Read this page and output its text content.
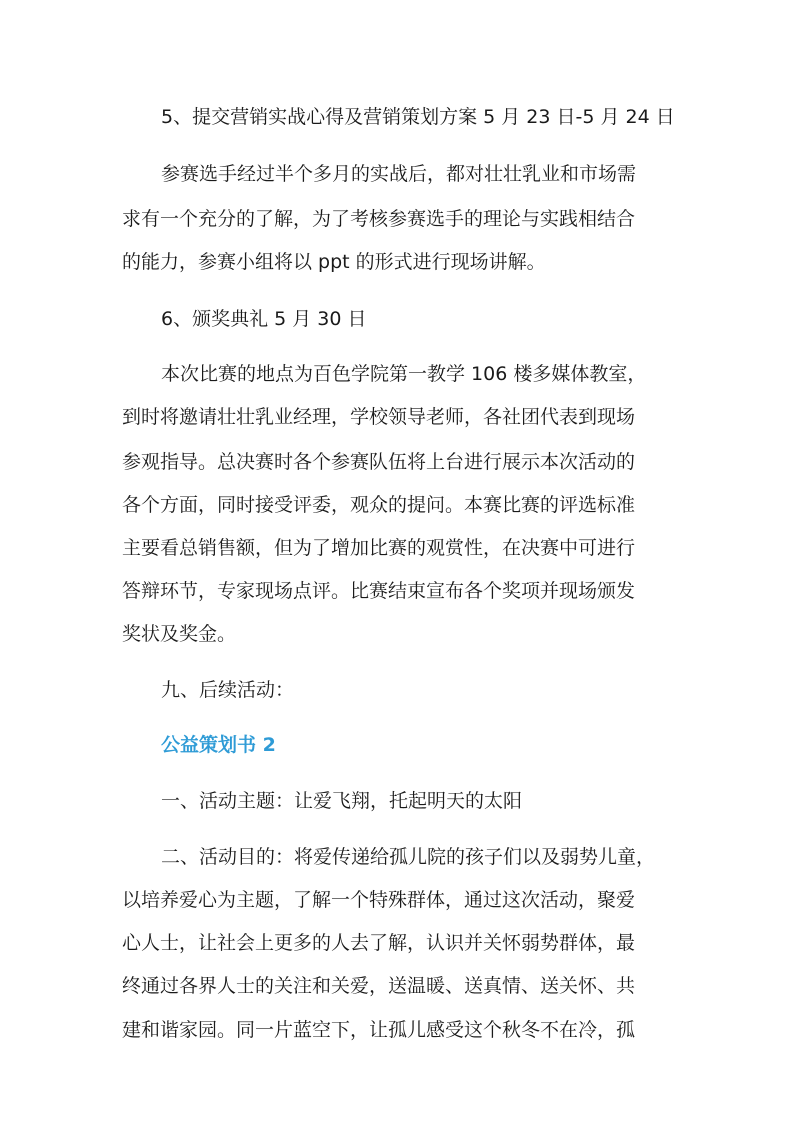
5、提交营销实战心得及营销策划方案 5 月 23 日-5 月 24 日
参赛选手经过半个多月的实战后，都对壮壮乳业和市场需
求有一个充分的了解，为了考核参赛选手的理论与实践相结合
的能力，参赛小组将以 ppt 的形式进行现场讲解。
6、颁奖典礼 5 月 30 日
本次比赛的地点为百色学院第一教学 106 楼多媒体教室，
到时将邀请壮壮乳业经理，学校领导老师，各社团代表到现场
参观指导。总决赛时各个参赛队伍将上台进行展示本次活动的
各个方面，同时接受评委，观众的提问。本赛比赛的评选标准
主要看总销售额，但为了增加比赛的观赏性，在决赛中可进行
答辩环节，专家现场点评。比赛结束宣布各个奖项并现场颁发
奖状及奖金。
九、后续活动：
公益策划书 2
一、活动主题：让爱飞翔，托起明天的太阳
二、活动目的：将爱传递给孤儿院的孩子们以及弱势儿童，
以培养爱心为主题，了解一个特殊群体，通过这次活动，聚爱
心人士，让社会上更多的人去了解，认识并关怀弱势群体，最
终通过各界人士的关注和关爱，送温暖、送真情、送关怀、共
建和谐家园。同一片蓝空下，让孤儿感受这个秋冬不在冷，孤
